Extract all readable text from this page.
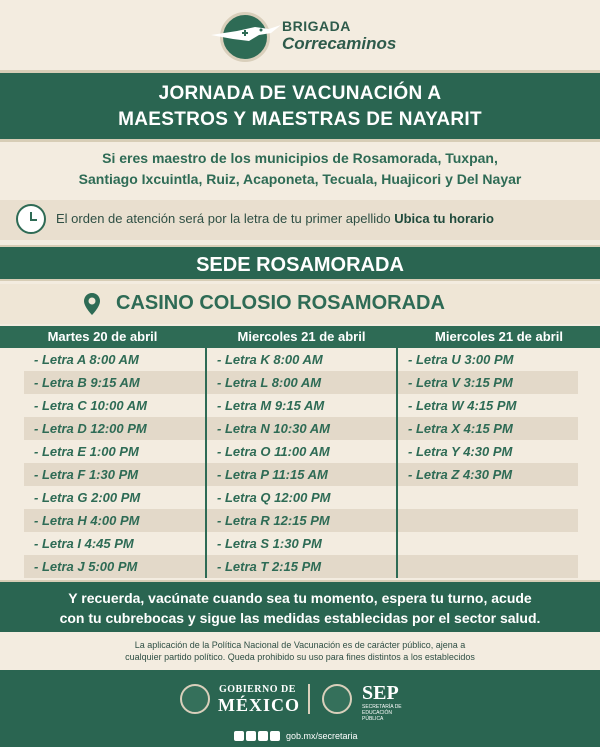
BRIGADA
Correcaminos
JORNADA DE VACUNACIÓN A
MAESTROS Y MAESTRAS DE NAYARIT
Si eres maestro de los municipios de Rosamorada, Tuxpan,
Santiago Ixcuintla, Ruiz, Acaponeta, Tecuala, Huajicori y Del Nayar
El orden de atención será por la letra de tu primer apellido Ubica tu horario
SEDE ROSAMORADA
CASINO COLOSIO ROSAMORADA
Martes 20 de abril	Miercoles 21 de abril	Miercoles 21 de abril
- Letra A 8:00 AM
- Letra B 9:15 AM
- Letra C 10:00 AM
- Letra D 12:00 PM
- Letra E 1:00 PM
- Letra F 1:30 PM
- Letra G 2:00 PM
- Letra H 4:00 PM
- Letra I 4:45 PM
- Letra J 5:00 PM
- Letra K 8:00 AM
- Letra L 8:00 AM
- Letra M 9:15 AM
- Letra N 10:30 AM
- Letra O 11:00 AM
- Letra P 11:15 AM
- Letra Q 12:00 PM
- Letra R 12:15 PM
- Letra S 1:30 PM
- Letra T 2:15 PM
- Letra U 3:00 PM
- Letra V 3:15 PM
- Letra W 4:15 PM
- Letra X 4:15 PM
- Letra Y 4:30 PM
- Letra Z 4:30 PM
Y recuerda, vacúnate cuando sea tu momento, espera tu turno, acude
con tu cubrebocas y sigue las medidas establecidas por el sector salud.
La aplicación de la Política Nacional de Vacunación es de carácter público, ajena a
cualquier partido político. Queda prohibido su uso para fines distintos a los establecidos
GOBIERNO DE
MÉXICO
SEP
SECRETARÍA DE EDUCACIÓN PÚBLICA
gob.mx/secretaria
